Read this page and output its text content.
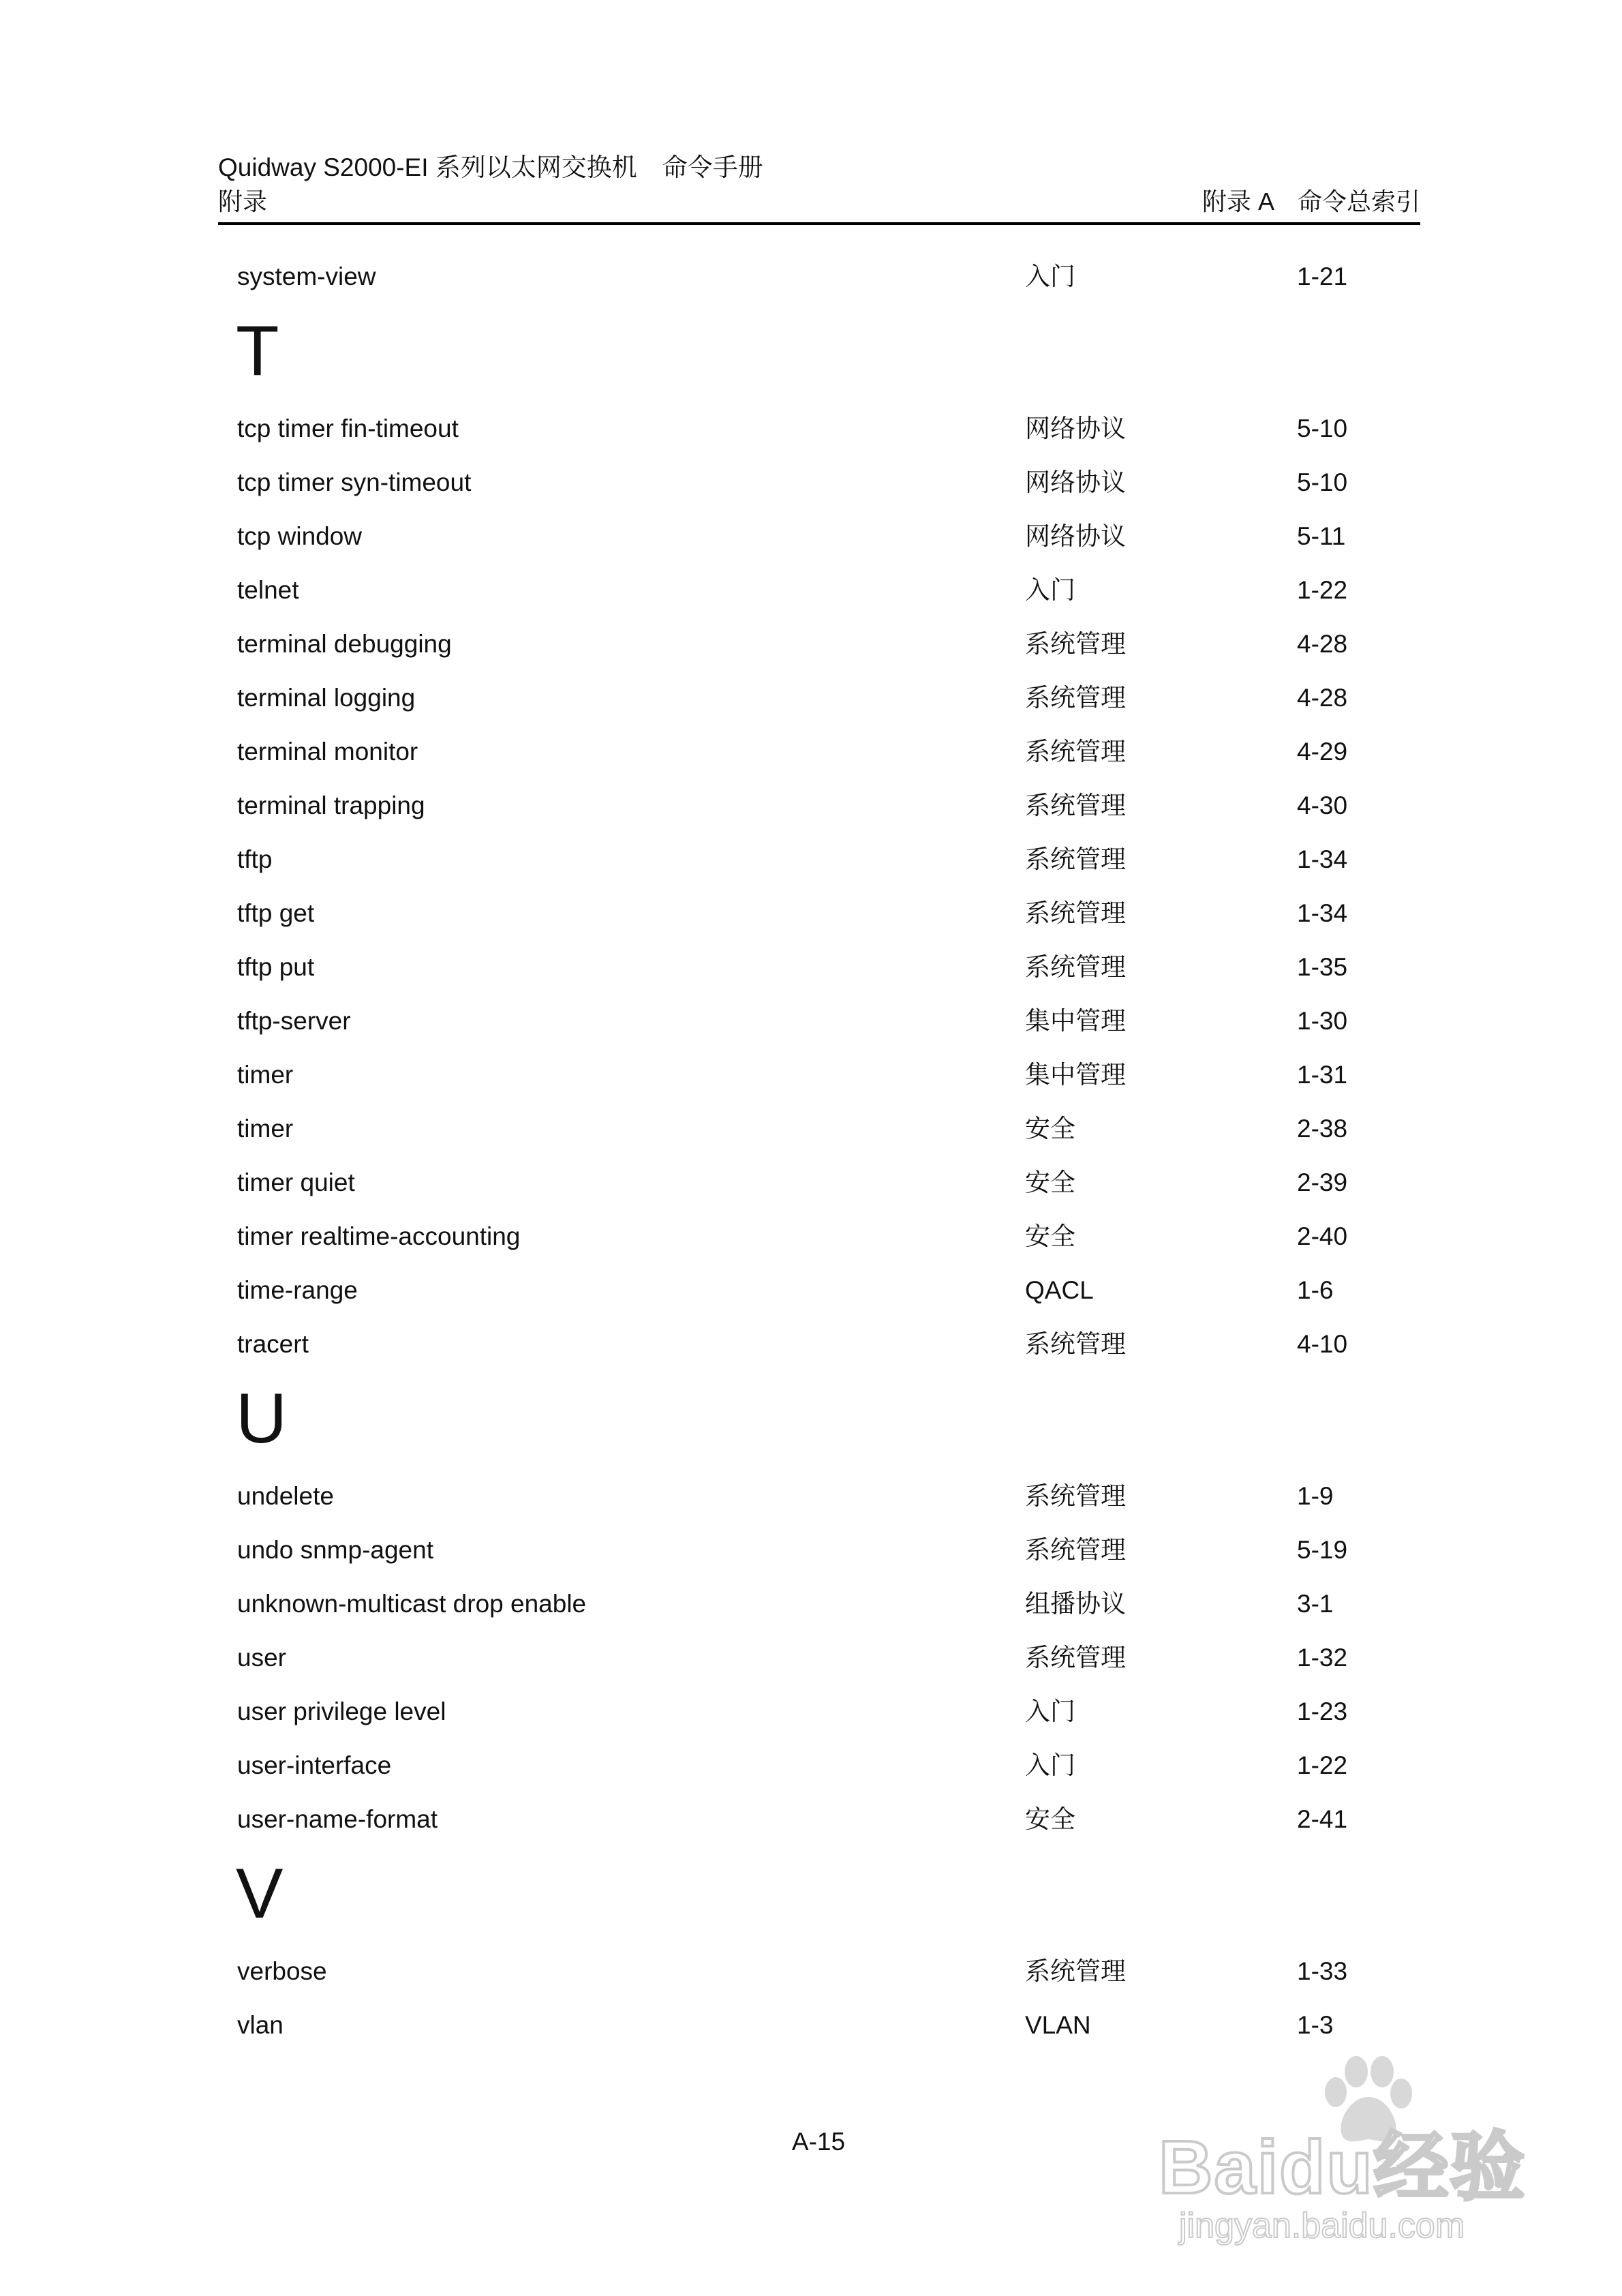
Quidway S2000-EI 系列以太网交换机　命令手册
附录	附录 A　命令总索引
system-view	入门	1-21
T
tcp timer fin-timeout	网络协议	5-10
tcp timer syn-timeout	网络协议	5-10
tcp window	网络协议	5-11
telnet	入门	1-22
terminal debugging	系统管理	4-28
terminal logging	系统管理	4-28
terminal monitor	系统管理	4-29
terminal trapping	系统管理	4-30
tftp	系统管理	1-34
tftp get	系统管理	1-34
tftp put	系统管理	1-35
tftp-server	集中管理	1-30
timer	集中管理	1-31
timer	安全	2-38
timer quiet	安全	2-39
timer realtime-accounting	安全	2-40
time-range	QACL	1-6
tracert	系统管理	4-10
U
undelete	系统管理	1-9
undo snmp-agent	系统管理	5-19
unknown-multicast drop enable	组播协议	3-1
user	系统管理	1-32
user privilege level	入门	1-23
user-interface	入门	1-22
user-name-format	安全	2-41
V
verbose	系统管理	1-33
vlan	VLAN	1-3
A-15	Baidu经验
jingyan.baidu.com
